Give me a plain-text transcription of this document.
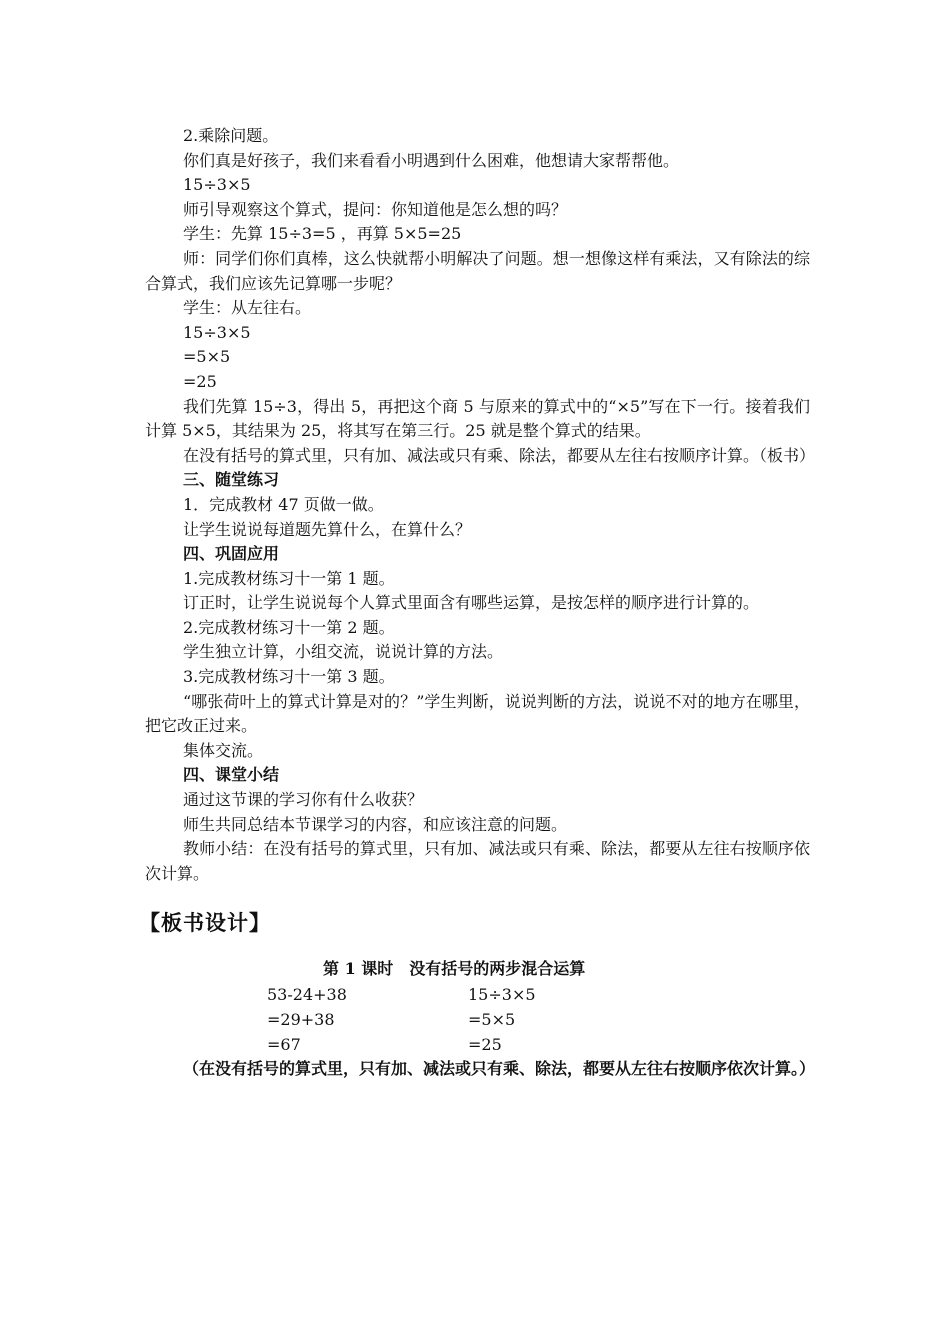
2.乘除问题。

你们真是好孩子，我们来看看小明遇到什么困难，他想请大家帮帮他。

15÷3×5

师引导观察这个算式，提问：你知道他是怎么想的吗？

学生：先算 15÷3=5 ，再算 5×5=25

师：同学们你们真棒，这么快就帮小明解决了问题。想一想像这样有乘法，又有除法的综合算式，我们应该先记算哪一步呢？

学生：从左往右。

15÷3×5

=5×5

=25

我们先算 15÷3，得出 5，再把这个商 5 与原来的算式中的“×5”写在下一行。接着我们计算 5×5，其结果为 25，将其写在第三行。25 就是整个算式的结果。

在没有括号的算式里，只有加、减法或只有乘、除法，都要从左往右按顺序计算。（板书）

三、随堂练习

1．完成教材 47 页做一做。

让学生说说每道题先算什么，在算什么？

四、巩固应用

1.完成教材练习十一第 1 题。

订正时，让学生说说每个人算式里面含有哪些运算，是按怎样的顺序进行计算的。

2.完成教材练习十一第 2 题。

学生独立计算，小组交流，说说计算的方法。

3.完成教材练习十一第 3 题。

“哪张荷叶上的算式计算是对的？”学生判断，说说判断的方法，说说不对的地方在哪里，把它改正过来。

集体交流。

四、课堂小结

通过这节课的学习你有什么收获？

师生共同总结本节课学习的内容，和应该注意的问题。

教师小结：在没有括号的算式里，只有加、减法或只有乘、除法，都要从左往右按顺序依次计算。

【板书设计】
第 1 课时　没有括号的两步混合运算
53-24+38
=29+38
=67
15÷3×5
=5×5
=25

（在没有括号的算式里，只有加、减法或只有乘、除法，都要从左往右按顺序依次计算。）
